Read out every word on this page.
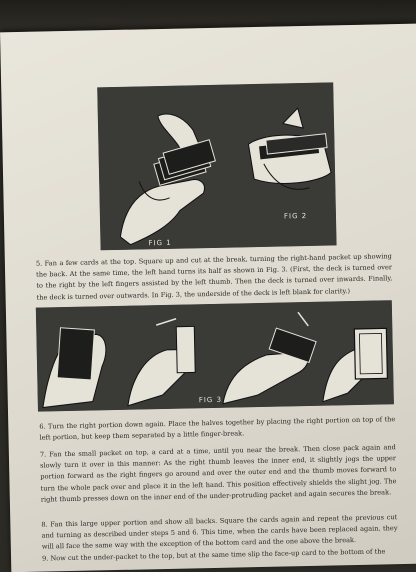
FIG 1
FIG 2

5. Fan a few cards at the top. Square up and cut at the break, turning the right-hand packet up showing the back. At the same time, the left hand turns its half as shown in Fig. 3. (First, the deck is turned over to the right by the left fingers assisted by the left thumb. Then the deck is turned over inwards. Finally, the deck is turned over outwards. In Fig. 3, the underside of the deck is left blank for clarity.)

FIG 3

6. Turn the right portion down again. Place the halves together by placing the right portion on top of the left portion, but keep them separated by a little finger-break.

7. Fan the small packet on top, a card at a time, until you near the break. Then close pack again and slowly turn it over in this manner: As the right thumb leaves the inner end, it slightly jogs the upper portion forward as the right fingers go around and over the outer end and the thumb moves forward to turn the whole pack over and place it in the left hand. This position effectively shields the slight jog. The right thumb presses down on the inner end of the under-protruding packet and again secures the break.

8. Fan this large upper portion and show all backs. Square the cards again and repeat the previous cut and turning as described under steps 5 and 6. This time, when the cards have been replaced again, they will all face the same way with the exception of the bottom card and the one above the break.

9. Now cut the under-packet to the top, but at the same time slip the face-up card to the bottom of the
